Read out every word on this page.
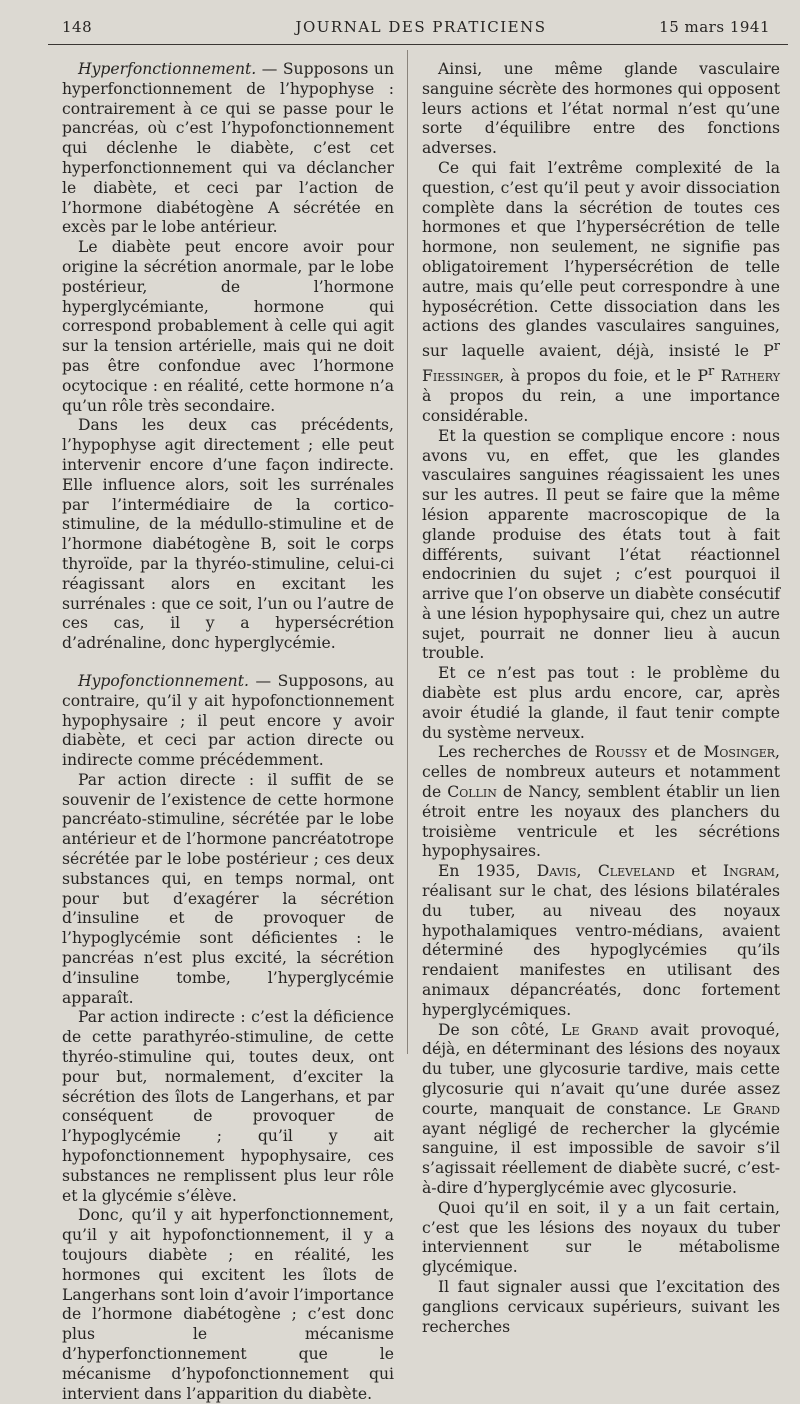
148	JOURNAL DES PRATICIENS	15 mars 1941

Hyperfonctionnement. — Supposons un hyperfonctionnement de l’hypophyse : contrairement à ce qui se passe pour le pancréas, où c’est l’hypofonctionnement qui déclenhe le diabète, c’est cet hyperfonctionnement qui va déclancher le diabète, et ceci par l’action de l’hormone diabétogène A sécrétée en excès par le lobe antérieur.

Le diabète peut encore avoir pour origine la sécrétion anormale, par le lobe postérieur, de l’hormone hyperglycémiante, hormone qui correspond probablement à celle qui agit sur la tension artérielle, mais qui ne doit pas être confondue avec l’hormone ocytocique : en réalité, cette hormone n’a qu’un rôle très secondaire.

Dans les deux cas précédents, l’hypophyse agit directement ; elle peut intervenir encore d’une façon indirecte. Elle influence alors, soit les surrénales par l’intermédiaire de la cortico-stimuline, de la médullo-stimuline et de l’hormone diabétogène B, soit le corps thyroïde, par la thyréo-stimuline, celui-ci réagissant alors en excitant les surrénales : que ce soit, l’un ou l’autre de ces cas, il y a hypersécrétion d’adrénaline, donc hyperglycémie.

Hypofonctionnement. — Supposons, au contraire, qu’il y ait hypofonctionnement hypophysaire ; il peut encore y avoir diabète, et ceci par action directe ou indirecte comme précédemment.

Par action directe : il suffit de se souvenir de l’existence de cette hormone pancréato-stimuline, sécrétée par le lobe antérieur et de l’hormone pancréatotrope sécrétée par le lobe postérieur ; ces deux substances qui, en temps normal, ont pour but d’exagérer la sécrétion d’insuline et de provoquer de l’hypoglycémie sont déficientes : le pancréas n’est plus excité, la sécrétion d’insuline tombe, l’hyperglycémie apparaît.

Par action indirecte : c’est la déficience de cette parathyréo-stimuline, de cette thyréo-stimuline qui, toutes deux, ont pour but, normalement, d’exciter la sécrétion des îlots de Langerhans, et par conséquent de provoquer de l’hypoglycémie ; qu’il y ait hypofonctionnement hypophysaire, ces substances ne remplissent plus leur rôle et la glycémie s’élève.

Donc, qu’il y ait hyperfonctionnement, qu’il y ait hypofonctionnement, il y a toujours diabète ; en réalité, les hormones qui excitent les îlots de Langerhans sont loin d’avoir l’importance de l’hormone diabétogène ; c’est donc plus le mécanisme d’hyperfonctionnement que le mécanisme d’hypofonctionnement qui intervient dans l’apparition du diabète.

Ainsi, une même glande vasculaire sanguine sécrète des hormones qui opposent leurs actions et l’état normal n’est qu’une sorte d’équilibre entre des fonctions adverses.

Ce qui fait l’extrême complexité de la question, c’est qu’il peut y avoir dissociation complète dans la sécrétion de toutes ces hormones et que l’hypersécrétion de telle hormone, non seulement, ne signifie pas obligatoirement l’hypersécrétion de telle autre, mais qu’elle peut correspondre à une hyposécrétion. Cette dissociation dans les actions des glandes vasculaires sanguines, sur laquelle avaient, déjà, insisté le $P^r$ Fiessinger, à propos du foie, et le $P^r$ Rathery à propos du rein, a une importance considérable.

Et la question se complique encore : nous avons vu, en effet, que les glandes vasculaires sanguines réagissaient les unes sur les autres. Il peut se faire que la même lésion apparente macroscopique de la glande produise des états tout à fait différents, suivant l’état réactionnel endocrinien du sujet ; c’est pourquoi il arrive que l’on observe un diabète consécutif à une lésion hypophysaire qui, chez un autre sujet, pourrait ne donner lieu à aucun trouble.

Et ce n’est pas tout : le problème du diabète est plus ardu encore, car, après avoir étudié la glande, il faut tenir compte du système nerveux.

Les recherches de Roussy et de Mosinger, celles de nombreux auteurs et notamment de Collin de Nancy, semblent établir un lien étroit entre les noyaux des planchers du troisième ventricule et les sécrétions hypophysaires.

En 1935, Davis, Cleveland et Ingram, réalisant sur le chat, des lésions bilatérales du tuber, au niveau des noyaux hypothalamiques ventro-médians, avaient déterminé des hypoglycémies qu’ils rendaient manifestes en utilisant des animaux dépancréatés, donc fortement hyperglycémiques.

De son côté, Le Grand avait provoqué, déjà, en déterminant des lésions des noyaux du tuber, une glycosurie tardive, mais cette glycosurie qui n’avait qu’une durée assez courte, manquait de constance. Le Grand ayant négligé de rechercher la glycémie sanguine, il est impossible de savoir s’il s’agissait réellement de diabète sucré, c’est-à-dire d’hyperglycémie avec glycosurie.

Quoi qu’il en soit, il y a un fait certain, c’est que les lésions des noyaux du tuber interviennent sur le métabolisme glycémique.

Il faut signaler aussi que l’excitation des ganglions cervicaux supérieurs, suivant les recherches
